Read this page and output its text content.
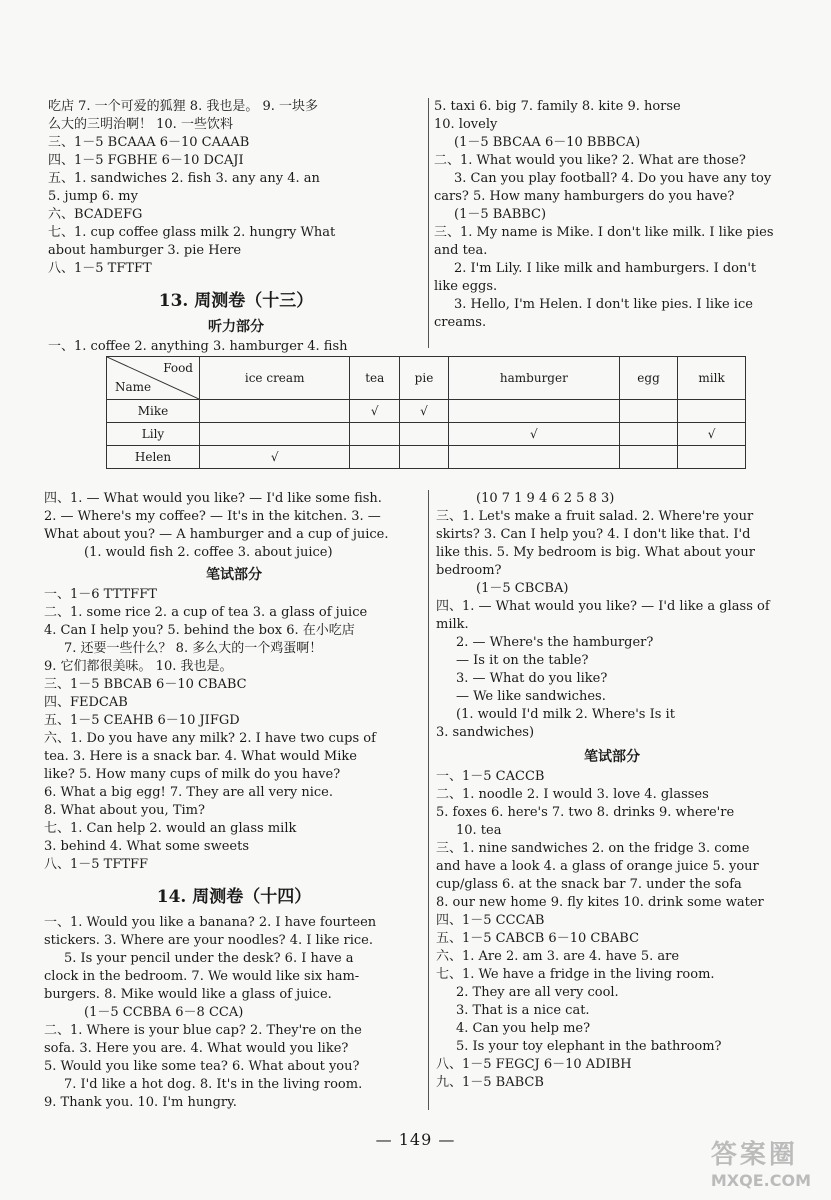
吃店 7. 一个可爱的狐狸 8. 我也是。 9. 一块多
么大的三明治啊！ 10. 一些饮料
三、1－5 BCAAA 6－10 CAAAB
四、1－5 FGBHE 6－10 DCAJI
五、1. sandwiches 2. fish 3. any any 4. an
5. jump 6. my
六、BCADEFG
七、1. cup coffee glass milk 2. hungry What
about hamburger 3. pie Here
八、1－5 TFTFT
13. 周测卷（十三）
听力部分
一、1. coffee 2. anything 3. hamburger 4. fish
5. taxi 6. big 7. family 8. kite 9. horse
10. lovely
(1－5 BBCAA 6－10 BBBCA)
二、1. What would you like? 2. What are those?
3. Can you play football? 4. Do you have any toy
cars? 5. How many hamburgers do you have?
(1－5 BABBC)
三、1. My name is Mike. I don't like milk. I like pies
and tea.
2. I'm Lily. I like milk and hamburgers. I don't
like eggs.
3. Hello, I'm Helen. I don't like pies. I like ice
creams.
Food
Name	ice cream	tea	pie	hamburger	egg	milk
Mike		√	√			
Lily				√		√
Helen	√					
四、1. — What would you like? — I'd like some fish.
2. — Where's my coffee? — It's in the kitchen. 3. —
What about you? — A hamburger and a cup of juice.
(1. would fish 2. coffee 3. about juice)
笔试部分
一、1－6 TTTFFT
二、1. some rice 2. a cup of tea 3. a glass of juice
4. Can I help you? 5. behind the box 6. 在小吃店
7. 还要一些什么？ 8. 多么大的一个鸡蛋啊！
9. 它们都很美味。 10. 我也是。
三、1－5 BBCAB 6－10 CBABC
四、FEDCAB
五、1－5 CEAHB 6－10 JIFGD
六、1. Do you have any milk? 2. I have two cups of
tea. 3. Here is a snack bar. 4. What would Mike
like? 5. How many cups of milk do you have?
6. What a big egg! 7. They are all very nice.
8. What about you, Tim?
七、1. Can help 2. would an glass milk
3. behind 4. What some sweets
八、1－5 TFTFF
14. 周测卷（十四）
一、1. Would you like a banana? 2. I have fourteen
stickers. 3. Where are your noodles? 4. I like rice.
5. Is your pencil under the desk? 6. I have a
clock in the bedroom. 7. We would like six ham-
burgers. 8. Mike would like a glass of juice.
(1－5 CCBBA 6－8 CCA)
二、1. Where is your blue cap? 2. They're on the
sofa. 3. Here you are. 4. What would you like?
5. Would you like some tea? 6. What about you?
7. I'd like a hot dog. 8. It's in the living room.
9. Thank you. 10. I'm hungry.
(10 7 1 9 4 6 2 5 8 3)
三、1. Let's make a fruit salad. 2. Where're your
skirts? 3. Can I help you? 4. I don't like that. I'd
like this. 5. My bedroom is big. What about your
bedroom?
(1－5 CBCBA)
四、1. — What would you like? — I'd like a glass of
milk.
2. — Where's the hamburger?
— Is it on the table?
3. — What do you like?
— We like sandwiches.
(1. would I'd milk 2. Where's Is it
3. sandwiches)
笔试部分
一、1－5 CACCB
二、1. noodle 2. I would 3. love 4. glasses
5. foxes 6. here's 7. two 8. drinks 9. where're
10. tea
三、1. nine sandwiches 2. on the fridge 3. come
and have a look 4. a glass of orange juice 5. your
cup/glass 6. at the snack bar 7. under the sofa
8. our new home 9. fly kites 10. drink some water
四、1－5 CCCAB
五、1－5 CABCB 6－10 CBABC
六、1. Are 2. am 3. are 4. have 5. are
七、1. We have a fridge in the living room.
2. They are all very cool.
3. That is a nice cat.
4. Can you help me?
5. Is your toy elephant in the bathroom?
八、1－5 FEGCJ 6－10 ADIBH
九、1－5 BABCB
— 149 —
答案圈
MXQE.COM
